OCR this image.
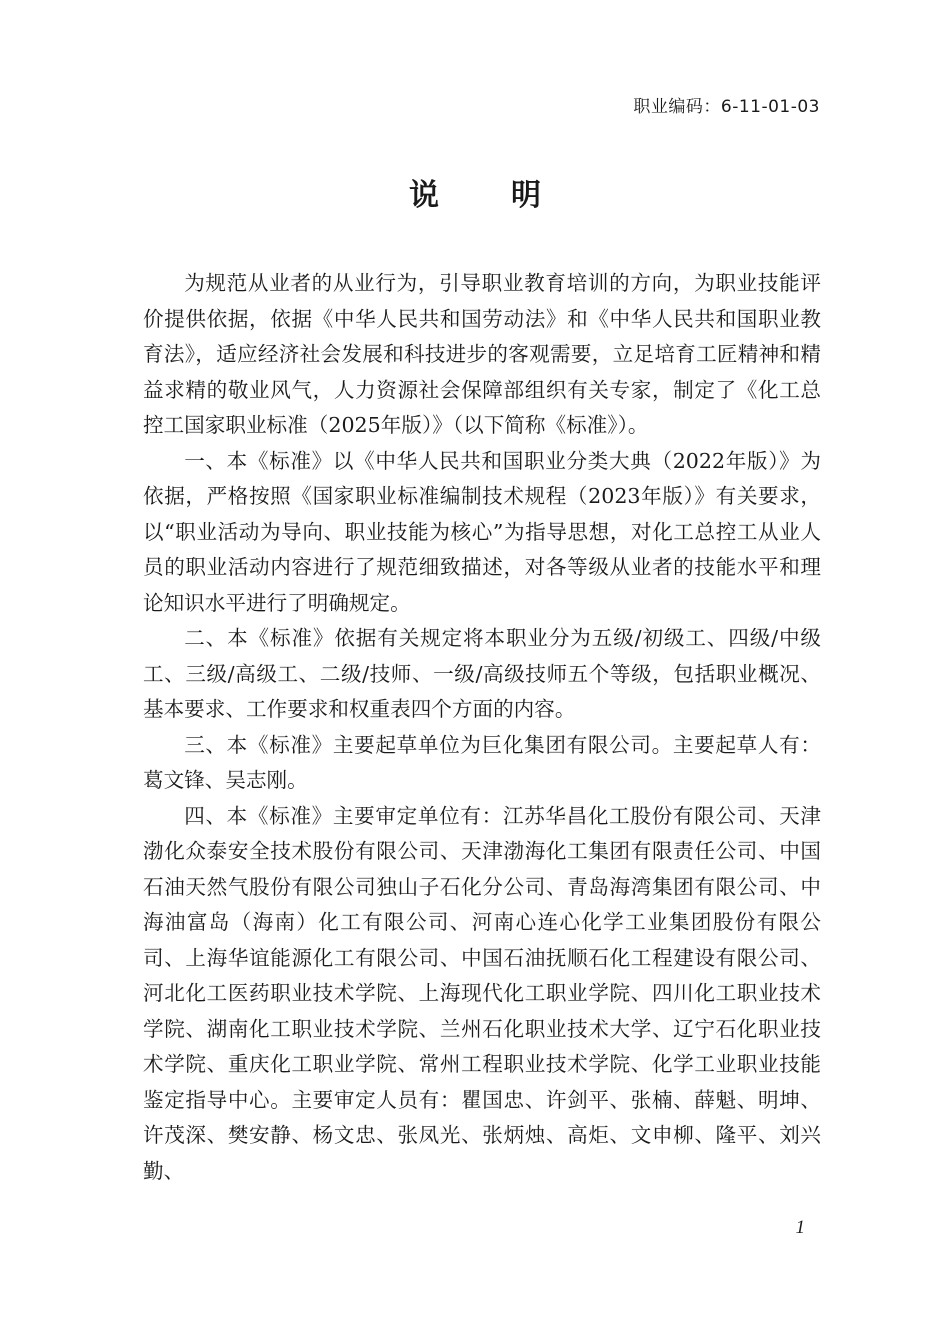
职业编码：6-11-01-03
说明

为规范从业者的从业行为，引导职业教育培训的方向，为职业技能评价提供依据，依据《中华人民共和国劳动法》和《中华人民共和国职业教育法》，适应经济社会发展和科技进步的客观需要，立足培育工匠精神和精益求精的敬业风气，人力资源社会保障部组织有关专家，制定了《化工总控工国家职业标准（2025年版）》（以下简称《标准》）。

一、本《标准》以《中华人民共和国职业分类大典（2022年版）》为依据，严格按照《国家职业标准编制技术规程（2023年版）》有关要求，以“职业活动为导向、职业技能为核心”为指导思想，对化工总控工从业人员的职业活动内容进行了规范细致描述，对各等级从业者的技能水平和理论知识水平进行了明确规定。

二、本《标准》依据有关规定将本职业分为五级/初级工、四级/中级工、三级/高级工、二级/技师、一级/高级技师五个等级，包括职业概况、基本要求、工作要求和权重表四个方面的内容。

三、本《标准》主要起草单位为巨化集团有限公司。主要起草人有：葛文锋、吴志刚。

四、本《标准》主要审定单位有：江苏华昌化工股份有限公司、天津渤化众泰安全技术股份有限公司、天津渤海化工集团有限责任公司、中国石油天然气股份有限公司独山子石化分公司、青岛海湾集团有限公司、中海油富岛（海南）化工有限公司、河南心连心化学工业集团股份有限公司、上海华谊能源化工有限公司、中国石油抚顺石化工程建设有限公司、河北化工医药职业技术学院、上海现代化工职业学院、四川化工职业技术学院、湖南化工职业技术学院、兰州石化职业技术大学、辽宁石化职业技术学院、重庆化工职业学院、常州工程职业技术学院、化学工业职业技能鉴定指导中心。主要审定人员有：瞿国忠、许剑平、张楠、薛魁、明坤、许茂深、樊安静、杨文忠、张凤光、张炳烛、高炬、文申柳、隆平、刘兴勤、

1
